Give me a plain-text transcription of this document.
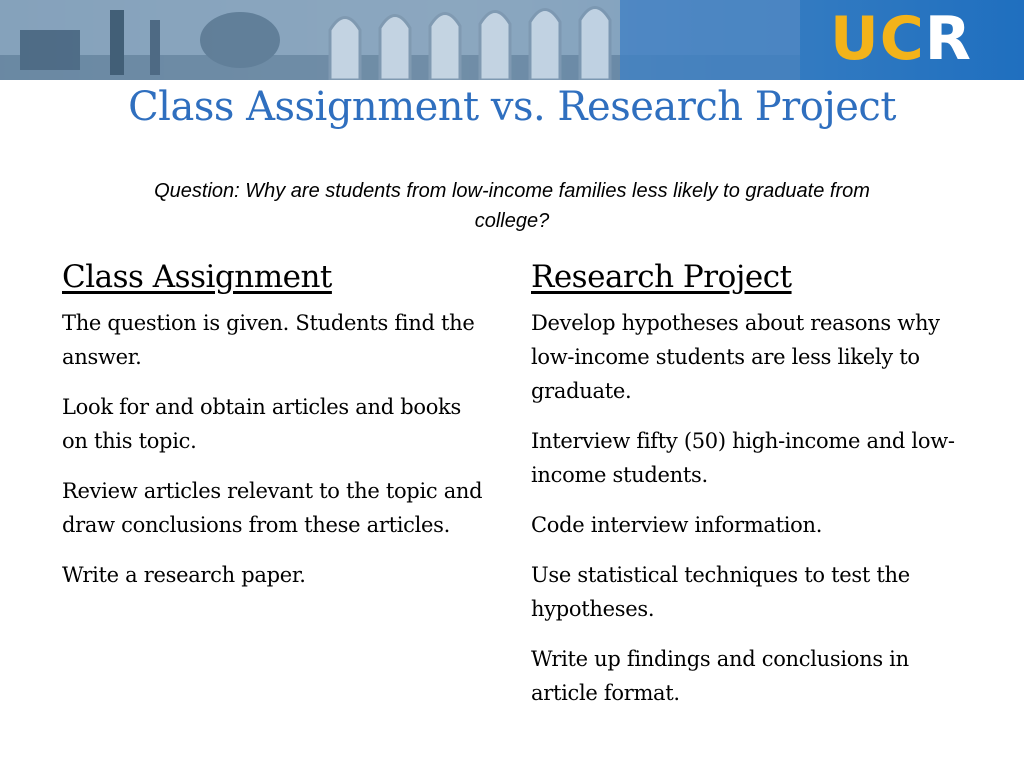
UCR
Class Assignment vs. Research Project
Question: Why are students from low-income families less likely to graduate from college?
Class Assignment

The question is given. Students find the answer.

Look for and obtain articles and books on this topic.

Review articles relevant to the topic and draw conclusions from these articles.

Write a research paper.

Research Project

Develop hypotheses about reasons why low-income students are less likely to graduate.

Interview fifty (50) high-income and low-income students.

Code interview information.

Use statistical techniques to test the hypotheses.

Write up findings and conclusions in article format.
